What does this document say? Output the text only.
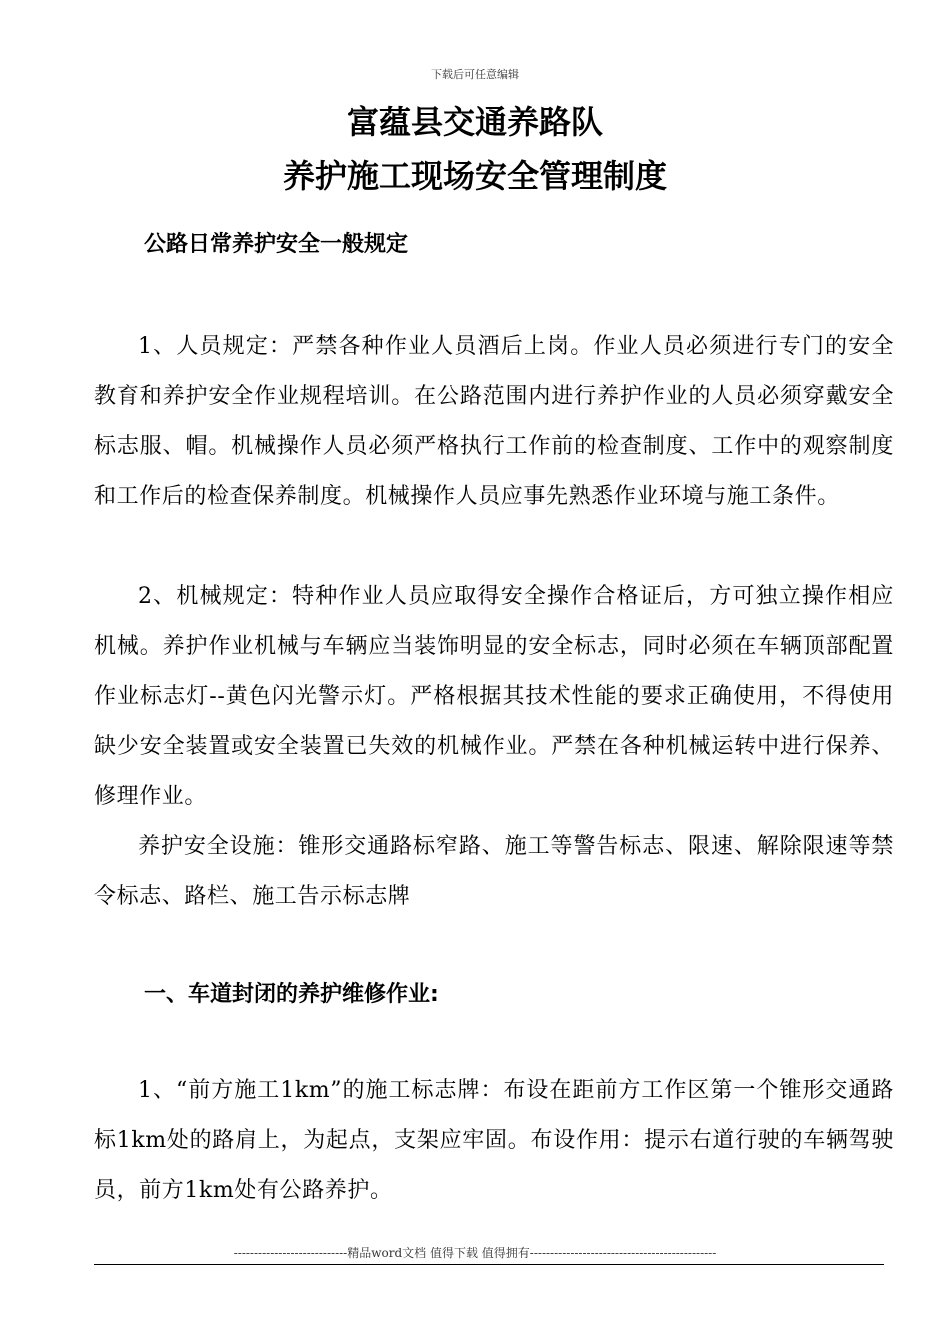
下载后可任意编辑
富蕴县交通养路队
养护施工现场安全管理制度
公路日常养护安全一般规定
1、人员规定：严禁各种作业人员酒后上岗。作业人员必须进行专门的安全教育和养护安全作业规程培训。在公路范围内进行养护作业的人员必须穿戴安全标志服、帽。机械操作人员必须严格执行工作前的检查制度、工作中的观察制度和工作后的检查保养制度。机械操作人员应事先熟悉作业环境与施工条件。
2、机械规定：特种作业人员应取得安全操作合格证后，方可独立操作相应机械。养护作业机械与车辆应当装饰明显的安全标志，同时必须在车辆顶部配置作业标志灯--黄色闪光警示灯。严格根据其技术性能的要求正确使用，不得使用缺少安全装置或安全装置已失效的机械作业。严禁在各种机械运转中进行保养、修理作业。
养护安全设施：锥形交通路标窄路、施工等警告标志、限速、解除限速等禁令标志、路栏、施工告示标志牌
一、车道封闭的养护维修作业:
1、“前方施工1km”的施工标志牌：布设在距前方工作区第一个锥形交通路标1km处的路肩上，为起点，支架应牢固。布设作用：提示右道行驶的车辆驾驶员，前方1km处有公路养护。
----------------------------精品word文档 值得下载 值得拥有----------------------------------------------
